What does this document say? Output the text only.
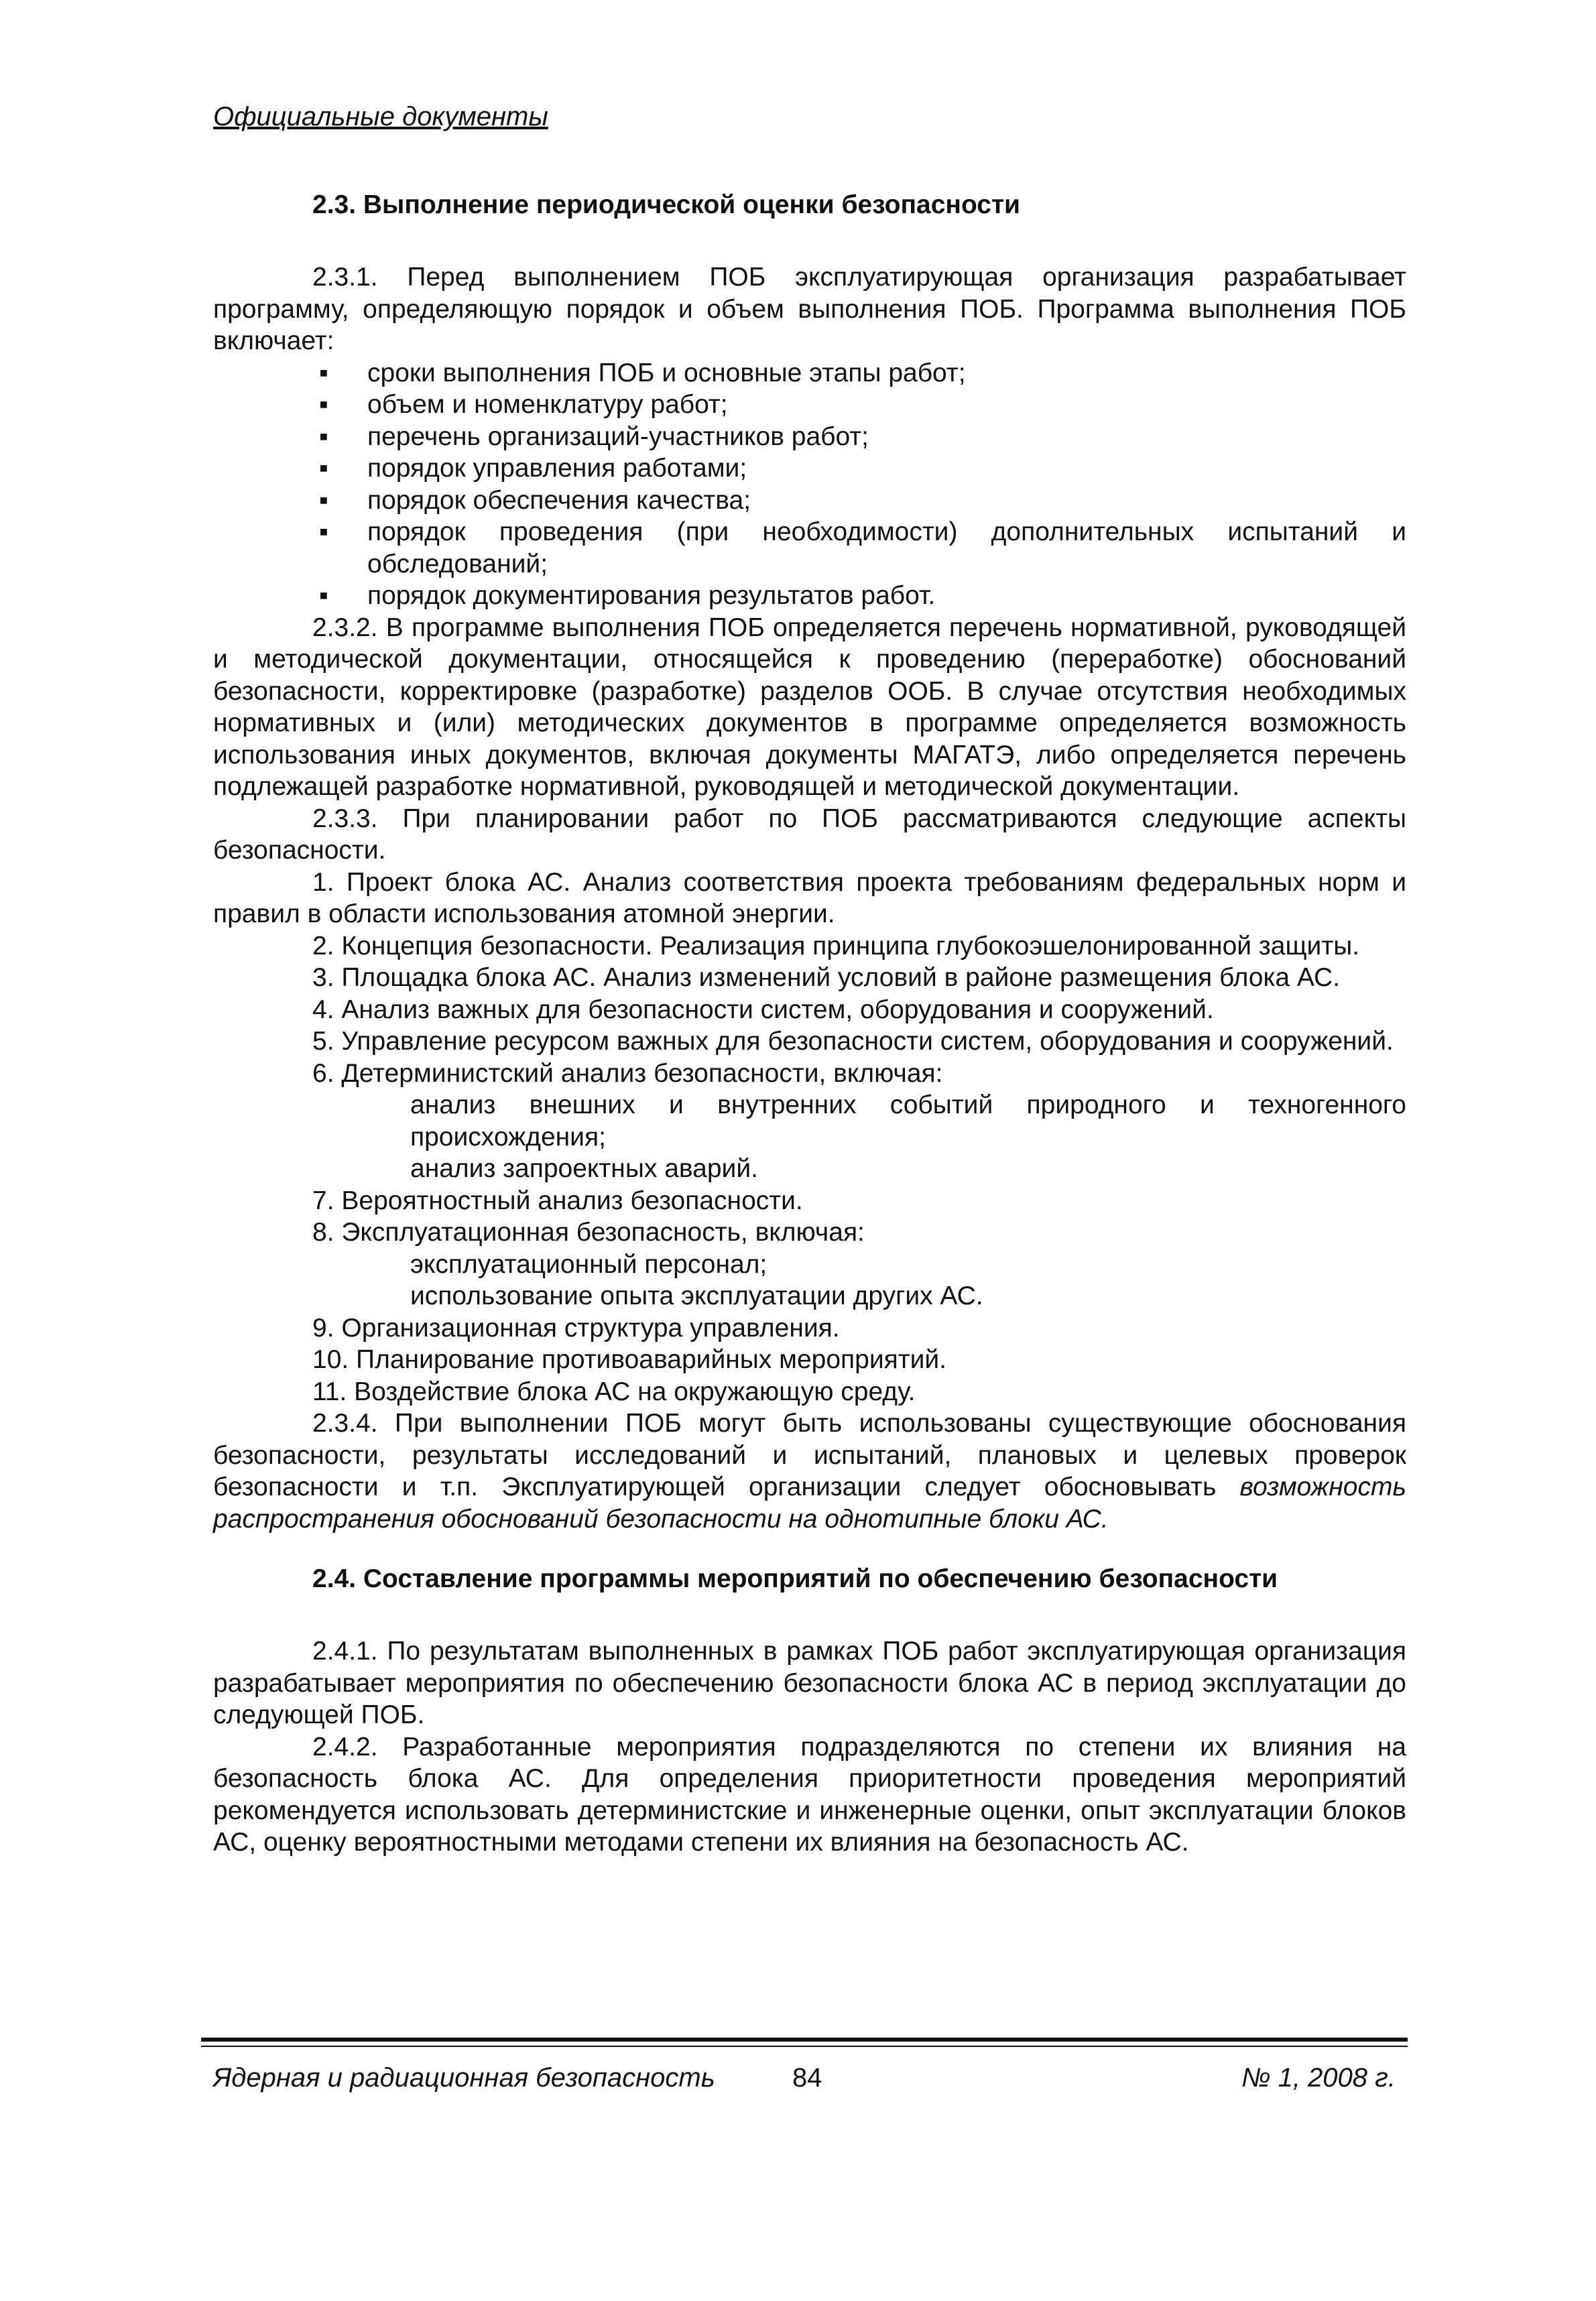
Официальные документы
2.3. Выполнение периодической оценки безопасности

2.3.1. Перед выполнением ПОБ эксплуатирующая организация разрабатывает программу, определяющую порядок и объем выполнения ПОБ. Программа выполнения ПОБ включает:

▪ сроки выполнения ПОБ и основные этапы работ;
▪ объем и номенклатуру работ;
▪ перечень организаций-участников работ;
▪ порядок управления работами;
▪ порядок обеспечения качества;
▪ порядок проведения (при необходимости) дополнительных испытаний и обследований;
▪ порядок документирования результатов работ.

2.3.2. В программе выполнения ПОБ определяется перечень нормативной, руководящей и методической документации, относящейся к проведению (переработке) обоснований безопасности, корректировке (разработке) разделов ООБ. В случае отсутствия необходимых нормативных и (или) методических документов в программе определяется возможность использования иных документов, включая документы МАГАТЭ, либо определяется перечень подлежащей разработке нормативной, руководящей и методической документации.

2.3.3. При планировании работ по ПОБ рассматриваются следующие аспекты безопасности.

1. Проект блока АС. Анализ соответствия проекта требованиям федеральных норм и правил в области использования атомной энергии.

2. Концепция безопасности. Реализация принципа глубокоэшелонированной защиты.

3. Площадка блока АС. Анализ изменений условий в районе размещения блока АС.

4. Анализ важных для безопасности систем, оборудования и сооружений.

5. Управление ресурсом важных для безопасности систем, оборудования и сооружений.

6. Детерминистский анализ безопасности, включая:

анализ внешних и внутренних событий природного и техногенного происхождения;
анализ запроектных аварий.

7. Вероятностный анализ безопасности.

8. Эксплуатационная безопасность, включая:

эксплуатационный персонал;
использование опыта эксплуатации других АС.

9. Организационная структура управления.

10. Планирование противоаварийных мероприятий.

11. Воздействие блока АС на окружающую среду.

2.3.4. При выполнении ПОБ могут быть использованы существующие обоснования безопасности, результаты исследований и испытаний, плановых и целевых проверок безопасности и т.п. Эксплуатирующей организации следует обосновывать возможность распространения обоснований безопасности на однотипные блоки АС.

2.4. Составление программы мероприятий по обеспечению безопасности

2.4.1. По результатам выполненных в рамках ПОБ работ эксплуатирующая организация разрабатывает мероприятия по обеспечению безопасности блока АС в период эксплуатации до следующей ПОБ.

2.4.2. Разработанные мероприятия подразделяются по степени их влияния на безопасность блока АС. Для определения приоритетности проведения мероприятий рекомендуется использовать детерминистские и инженерные оценки, опыт эксплуатации блоков АС, оценку вероятностными методами степени их влияния на безопасность АС.

Ядерная и радиационная безопасность	84	№ 1, 2008 г.
